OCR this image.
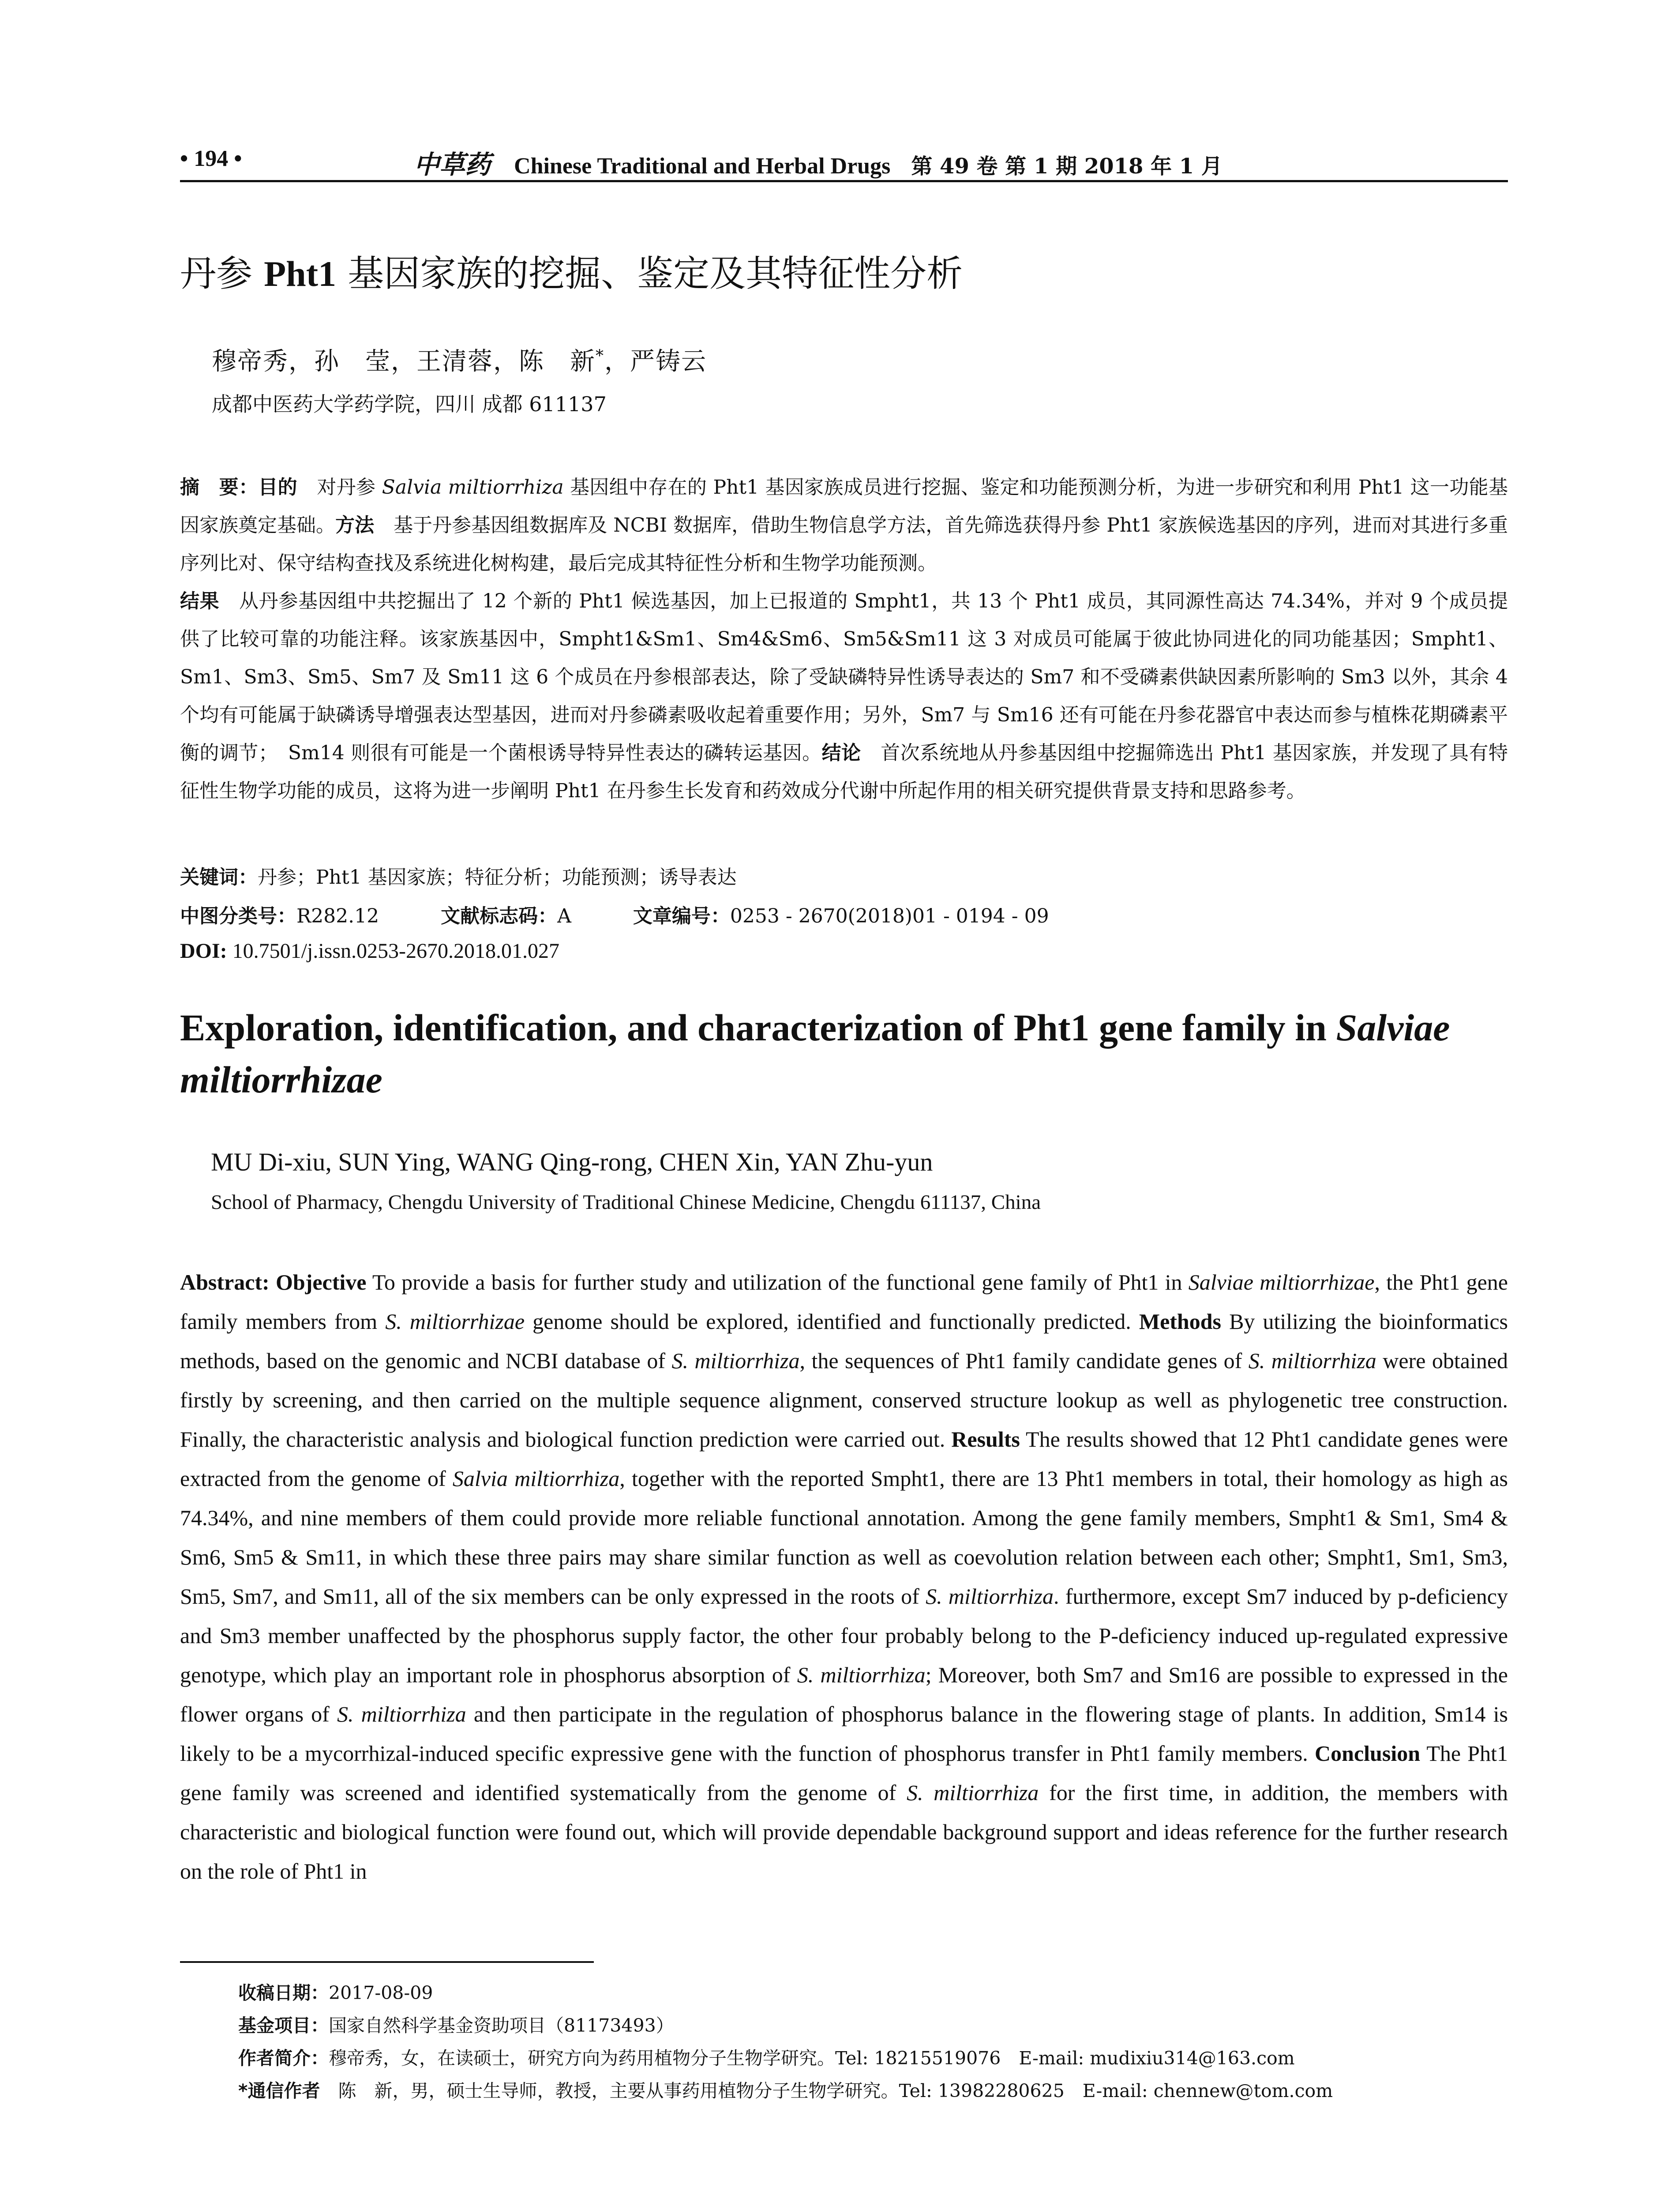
• 194 •	中草药 Chinese Traditional and Herbal Drugs 第 49 卷 第 1 期 2018 年 1 月
丹参 Pht1 基因家族的挖掘、鉴定及其特征性分析
穆帝秀，孙　莹，王清蓉，陈　新*，严铸云
成都中医药大学药学院，四川 成都 611137
摘　要：目的　对丹参 Salvia miltiorrhiza 基因组中存在的 Pht1 基因家族成员进行挖掘、鉴定和功能预测分析，为进一步研究和利用 Pht1 这一功能基因家族奠定基础。方法　基于丹参基因组数据库及 NCBI 数据库，借助生物信息学方法，首先筛选获得丹参 Pht1 家族候选基因的序列，进而对其进行多重序列比对、保守结构查找及系统进化树构建，最后完成其特征性分析和生物学功能预测。
结果　从丹参基因组中共挖掘出了 12 个新的 Pht1 候选基因，加上已报道的 Smpht1，共 13 个 Pht1 成员，其同源性高达 74.34%，并对 9 个成员提供了比较可靠的功能注释。该家族基因中，Smpht1&Sm1、Sm4&Sm6、Sm5&Sm11 这 3 对成员可能属于彼此协同进化的同功能基因；Smpht1、Sm1、Sm3、Sm5、Sm7 及 Sm11 这 6 个成员在丹参根部表达，除了受缺磷特异性诱导表达的 Sm7 和不受磷素供缺因素所影响的 Sm3 以外，其余 4 个均有可能属于缺磷诱导增强表达型基因，进而对丹参磷素吸收起着重要作用；另外，Sm7 与 Sm16 还有可能在丹参花器官中表达而参与植株花期磷素平衡的调节；　Sm14 则很有可能是一个菌根诱导特异性表达的磷转运基因。结论　首次系统地从丹参基因组中挖掘筛选出 Pht1 基因家族，并发现了具有特征性生物学功能的成员，这将为进一步阐明 Pht1 在丹参生长发育和药效成分代谢中所起作用的相关研究提供背景支持和思路参考。
关键词：丹参；Pht1 基因家族；特征分析；功能预测；诱导表达
中图分类号：R282.12	文献标志码：A	文章编号：0253 - 2670(2018)01 - 0194 - 09
DOI: 10.7501/j.issn.0253-2670.2018.01.027
Exploration, identification, and characterization of Pht1 gene family in Salviae miltiorrhizae
MU Di-xiu, SUN Ying, WANG Qing-rong, CHEN Xin, YAN Zhu-yun
School of Pharmacy, Chengdu University of Traditional Chinese Medicine, Chengdu 611137, China
Abstract: Objective To provide a basis for further study and utilization of the functional gene family of Pht1 in Salviae miltiorrhizae, the Pht1 gene family members from S. miltiorrhizae genome should be explored, identified and functionally predicted. Methods By utilizing the bioinformatics methods, based on the genomic and NCBI database of S. miltiorrhiza, the sequences of Pht1 family candidate genes of S. miltiorrhiza were obtained firstly by screening, and then carried on the multiple sequence alignment, conserved structure lookup as well as phylogenetic tree construction. Finally, the characteristic analysis and biological function prediction were carried out. Results The results showed that 12 Pht1 candidate genes were extracted from the genome of Salvia miltiorrhiza, together with the reported Smpht1, there are 13 Pht1 members in total, their homology as high as 74.34%, and nine members of them could provide more reliable functional annotation. Among the gene family members, Smpht1 & Sm1, Sm4 & Sm6, Sm5 & Sm11, in which these three pairs may share similar function as well as coevolution relation between each other; Smpht1, Sm1, Sm3, Sm5, Sm7, and Sm11, all of the six members can be only expressed in the roots of S. miltiorrhiza. furthermore, except Sm7 induced by p-deficiency and Sm3 member unaffected by the phosphorus supply factor, the other four probably belong to the P-deficiency induced up-regulated expressive genotype, which play an important role in phosphorus absorption of S. miltiorrhiza; Moreover, both Sm7 and Sm16 are possible to expressed in the flower organs of S. miltiorrhiza and then participate in the regulation of phosphorus balance in the flowering stage of plants. In addition, Sm14 is likely to be a mycorrhizal-induced specific expressive gene with the function of phosphorus transfer in Pht1 family members. Conclusion The Pht1 gene family was screened and identified systematically from the genome of S. miltiorrhiza for the first time, in addition, the members with characteristic and biological function were found out, which will provide dependable background support and ideas reference for the further research on the role of Pht1 in
收稿日期：2017-08-09
基金项目：国家自然科学基金资助项目（81173493）
作者简介：穆帝秀，女，在读硕士，研究方向为药用植物分子生物学研究。Tel: 18215519076　E-mail: mudixiu314@163.com
*通信作者　陈　新，男，硕士生导师，教授，主要从事药用植物分子生物学研究。Tel: 13982280625　E-mail: chennew@tom.com
